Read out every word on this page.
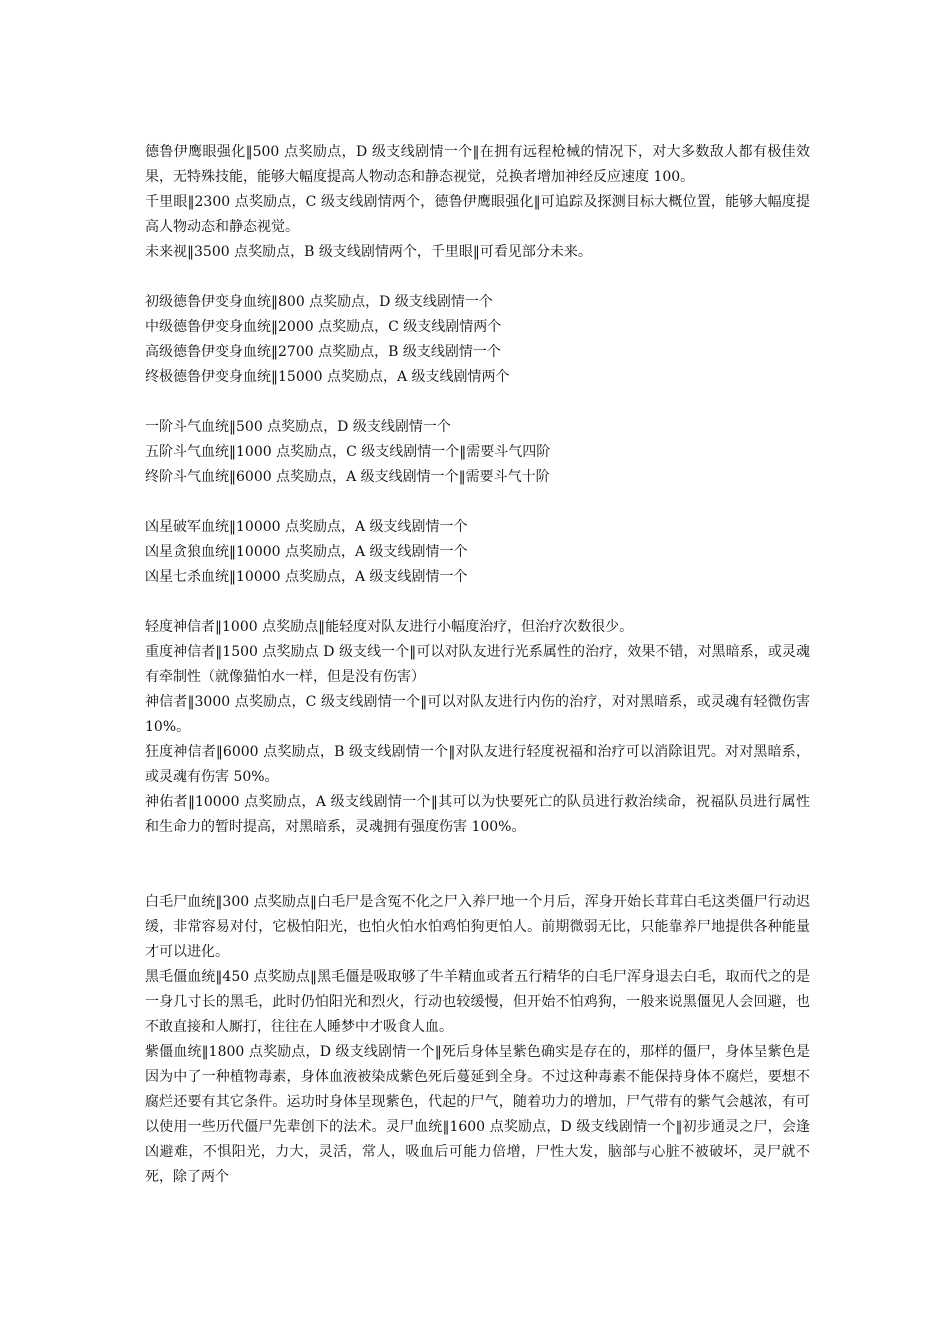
德鲁伊鹰眼强化‖500 点奖励点，D 级支线剧情一个‖在拥有远程枪械的情况下，对大多数敌人都有极佳效果，无特殊技能，能够大幅度提高人物动态和静态视觉，兑换者增加神经反应速度 100。

千里眼‖2300 点奖励点，C 级支线剧情两个，德鲁伊鹰眼强化‖可追踪及探测目标大概位置，能够大幅度提高人物动态和静态视觉。

未来视‖3500 点奖励点，B 级支线剧情两个，千里眼‖可看见部分未来。

初级德鲁伊变身血统‖800 点奖励点，D 级支线剧情一个

中级德鲁伊变身血统‖2000 点奖励点，C 级支线剧情两个

高级德鲁伊变身血统‖2700 点奖励点，B 级支线剧情一个

终极德鲁伊变身血统‖15000 点奖励点，A 级支线剧情两个

一阶斗气血统‖500 点奖励点，D 级支线剧情一个

五阶斗气血统‖1000 点奖励点，C 级支线剧情一个‖需要斗气四阶

终阶斗气血统‖6000 点奖励点，A 级支线剧情一个‖需要斗气十阶

凶星破军血统‖10000 点奖励点，A 级支线剧情一个

凶星贪狼血统‖10000 点奖励点，A 级支线剧情一个

凶星七杀血统‖10000 点奖励点，A 级支线剧情一个

轻度神信者‖1000 点奖励点‖能轻度对队友进行小幅度治疗，但治疗次数很少。

重度神信者‖1500 点奖励点 D 级支线一个‖可以对队友进行光系属性的治疗，效果不错，对黑暗系，或灵魂有牵制性（就像猫怕水一样，但是没有伤害）

神信者‖3000 点奖励点，C 级支线剧情一个‖可以对队友进行内伤的治疗，对对黑暗系，或灵魂有轻微伤害 10%。

狂度神信者‖6000 点奖励点，B 级支线剧情一个‖对队友进行轻度祝福和治疗可以消除诅咒。对对黑暗系，或灵魂有伤害 50%。

神佑者‖10000 点奖励点，A 级支线剧情一个‖其可以为快要死亡的队员进行救治续命，祝福队员进行属性和生命力的暂时提高，对黑暗系，灵魂拥有强度伤害 100%。

白毛尸血统‖300 点奖励点‖白毛尸是含冤不化之尸入养尸地一个月后，浑身开始长茸茸白毛这类僵尸行动迟缓，非常容易对付，它极怕阳光，也怕火怕水怕鸡怕狗更怕人。前期微弱无比，只能靠养尸地提供各种能量才可以进化。

黑毛僵血统‖450 点奖励点‖黑毛僵是吸取够了牛羊精血或者五行精华的白毛尸浑身退去白毛，取而代之的是一身几寸长的黑毛，此时仍怕阳光和烈火，行动也较缓慢，但开始不怕鸡狗，一般来说黑僵见人会回避，也不敢直接和人厮打，往往在人睡梦中才吸食人血。

紫僵血统‖1800 点奖励点，D 级支线剧情一个‖死后身体呈紫色确实是存在的，那样的僵尸，身体呈紫色是因为中了一种植物毒素，身体血液被染成紫色死后蔓延到全身。不过这种毒素不能保持身体不腐烂，要想不腐烂还要有其它条件。运功时身体呈现紫色，代起的尸气，随着功力的增加，尸气带有的紫气会越浓，有可以使用一些历代僵尸先辈创下的法术。灵尸血统‖1600 点奖励点，D 级支线剧情一个‖初步通灵之尸，会逢凶避难，不惧阳光，力大，灵活，常人，吸血后可能力倍增，尸性大发，脑部与心脏不被破坏，灵尸就不死，除了两个
